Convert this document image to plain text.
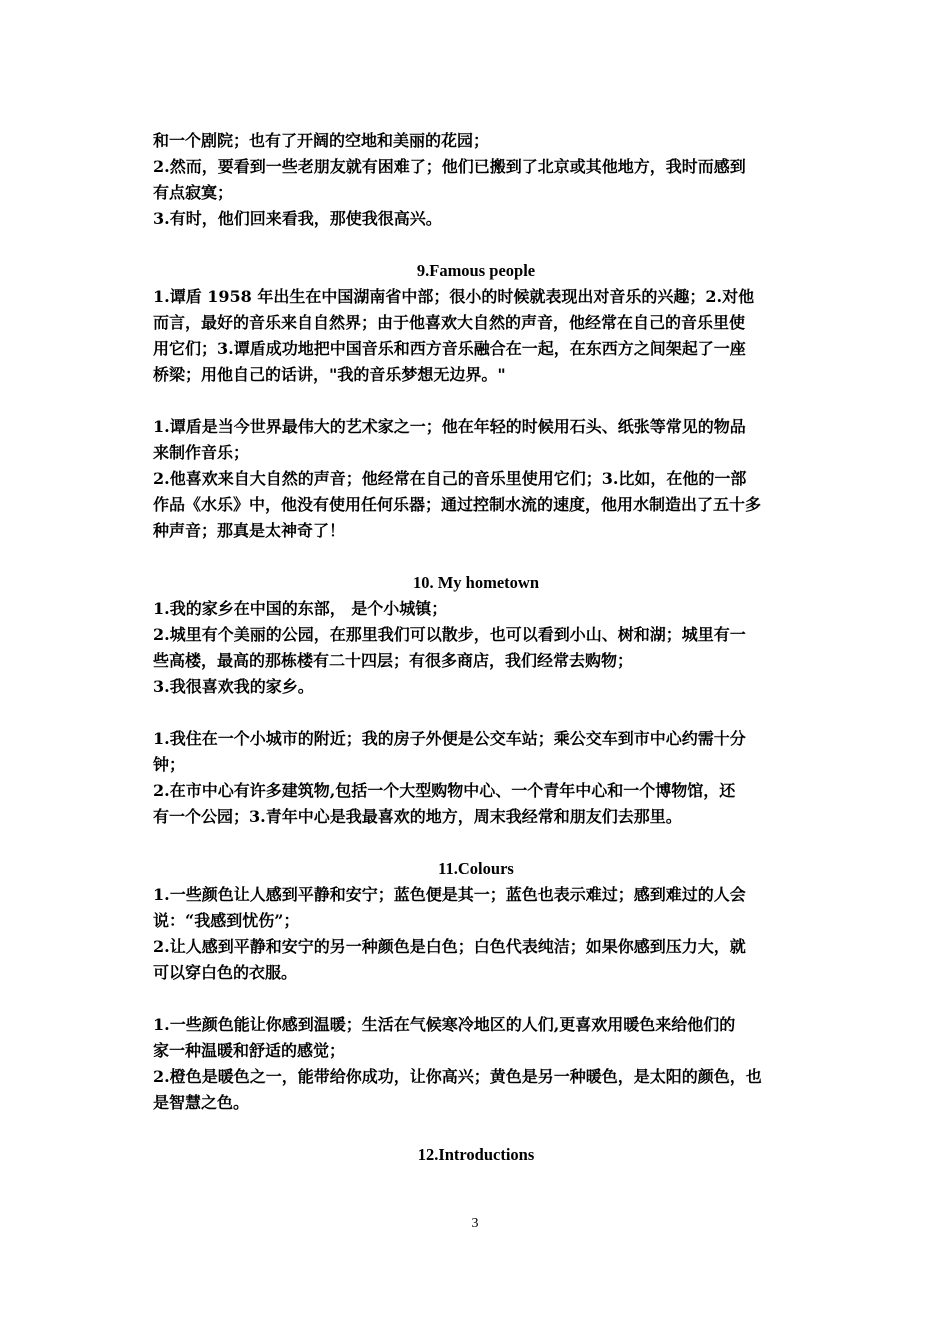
和一个剧院；也有了开阔的空地和美丽的花园；
2.然而，要看到一些老朋友就有困难了；他们已搬到了北京或其他地方，我时而感到
有点寂寞；
3.有时，他们回来看我，那使我很高兴。

9.Famous people

1.谭盾 1958 年出生在中国湖南省中部；很小的时候就表现出对音乐的兴趣；2.对他
而言，最好的音乐来自自然界；由于他喜欢大自然的声音，他经常在自己的音乐里使
用它们；3.谭盾成功地把中国音乐和西方音乐融合在一起，在东西方之间架起了一座
桥梁；用他自己的话讲，"我的音乐梦想无边界。"

1.谭盾是当今世界最伟大的艺术家之一；他在年轻的时候用石头、纸张等常见的物品
来制作音乐；
2.他喜欢来自大自然的声音；他经常在自己的音乐里使用它们；3.比如，在他的一部
作品《水乐》中，他没有使用任何乐器；通过控制水流的速度，他用水制造出了五十多
种声音；那真是太神奇了！

10. My hometown

1.我的家乡在中国的东部， 是个小城镇；
2.城里有个美丽的公园，在那里我们可以散步，也可以看到小山、树和湖；城里有一
些高楼，最高的那栋楼有二十四层；有很多商店，我们经常去购物；
3.我很喜欢我的家乡。

1.我住在一个小城市的附近；我的房子外便是公交车站；乘公交车到市中心约需十分
钟；
2.在市中心有许多建筑物,包括一个大型购物中心、一个青年中心和一个博物馆，还
有一个公园；3.青年中心是我最喜欢的地方，周末我经常和朋友们去那里。

11.Colours

1.一些颜色让人感到平静和安宁；蓝色便是其一；蓝色也表示难过；感到难过的人会
说：“我感到忧伤”；
2.让人感到平静和安宁的另一种颜色是白色；白色代表纯洁；如果你感到压力大，就
可以穿白色的衣服。

1.一些颜色能让你感到温暖；生活在气候寒冷地区的人们,更喜欢用暖色来给他们的
家一种温暖和舒适的感觉；
2.橙色是暖色之一，能带给你成功，让你高兴；黄色是另一种暖色，是太阳的颜色，也
是智慧之色。

12.Introductions

3
